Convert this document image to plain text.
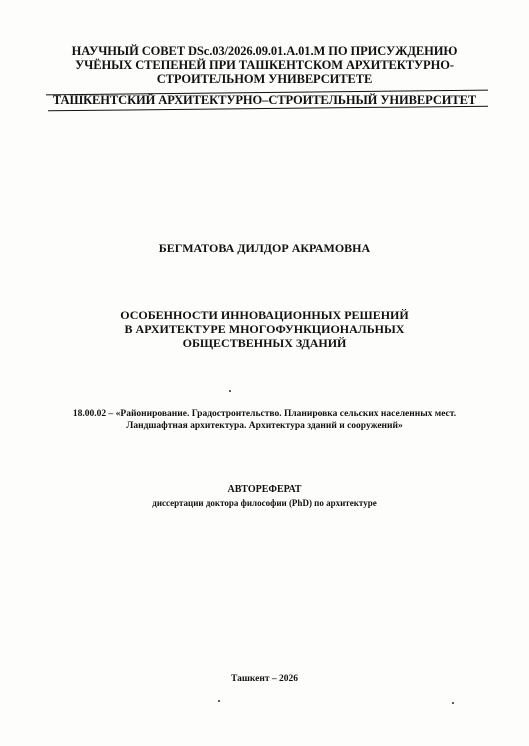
НАУЧНЫЙ СОВЕТ DSc.03/2026.09.01.A.01.M ПО ПРИСУЖДЕНИЮ
УЧЁНЫХ СТЕПЕНЕЙ ПРИ ТАШКЕНТСКОМ АРХИТЕКТУРНО-
СТРОИТЕЛЬНОМ УНИВЕРСИТЕТЕ
ТАШКЕНТСКИЙ АРХИТЕКТУРНО–СТРОИТЕЛЬНЫЙ УНИВЕРСИТЕТ
БЕГМАТОВА ДИЛДОР АКРАМОВНА
ОСОБЕННОСТИ ИННОВАЦИОННЫХ РЕШЕНИЙ
В АРХИТЕКТУРЕ МНОГОФУНКЦИОНАЛЬНЫХ
ОБЩЕСТВЕННЫХ ЗДАНИЙ
18.00.02 – «Районирование. Градостроительство. Планировка сельских населенных мест.
Ландшафтная архитектура. Архитектура зданий и сооружений»
АВТОРЕФЕРАТ
диссертации доктора философии (PhD) по архитектуре
Ташкент – 2026
